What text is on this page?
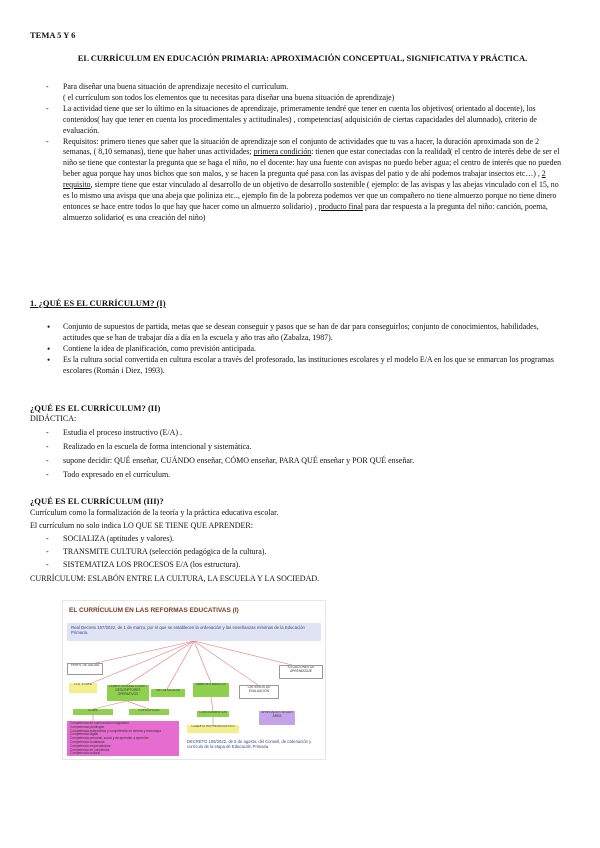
TEMA 5 Y 6
EL CURRÍCULUM EN EDUCACIÓN PRIMARIA: APROXIMACIÓN CONCEPTUAL, SIGNIFICATIVA Y PRÁCTICA.
- Para diseñar una buena situación de aprendizaje necesito el currículum.
( el currículum son todos los elementos que tu necesitas para diseñar una buena situación de aprendizaje)
- La actividad tiene que ser lo último en la situaciones de aprendizaje, primeramente tendré que tener en cuenta los objetivos( orientado al docente), los contenidos( hay que tener en cuenta los procedimentales y actitudinales) , competencias( adquisición de ciertas capacidades del alumnado), criterio de evaluación.
- Requisitos: primero tienes que saber que la situación de aprendizaje son el conjunto de actividades que tu vas a hacer, la duración aproximada son de 2 semanas, ( 8,10 semanas), tiene que haber unas actividades; primera condición: tienen que estar conectadas con la realidad( el centro de interés debe de ser el niño se tiene que contestar la pregunta que se haga el niño, no el docente: hay una fuente con avispas no puedo beber agua; el centro de interés que no pueden beber agua porque hay unos bichos que son malos, y se hacen la pregunta qué pasa con las avispas del patio y de ahí podemos trabajar insectos etc…) , 2 requisito, siempre tiene que estar vinculado al desarrollo de un objetivo de desarrollo sostenible ( ejemplo: de las avispas y las abejas vinculado con el 15, no es lo mismo una avispa que una abeja que poliniza etc.., ejemplo fin de la pobreza podemos ver que un compañero no tiene almuerzo porque no tiene dinero entonces se hace entre todos lo que hay que hacer como un almuerzo solidario) , producto final para dar respuesta a la pregunta del niño: canción, poema, almuerzo solidario( es una creación del niño)
1. ¿QUÉ ES EL CURRÍCULUM? (I)
• Conjunto de supuestos de partida, metas que se desean conseguir y pasos que se han de dar para conseguirlos; conjunto de conocimientos, habilidades, actitudes que se han de trabajar día a día en la escuela y año tras año (Zabalza, 1987).
• Contiene la idea de planificación, como previsión anticipada.
• Es la cultura social convertida en cultura escolar a través del profesorado, las instituciones escolares y el modelo E/A en los que se enmarcan los programas escolares (Román i Diez, 1993).
¿QUÉ ES EL CURRÍCULUM? (II)
DIDÁCTICA:
- Estudia el proceso instructivo (E/A) .
- Realizado en la escuela de forma intencional y sistemática.
- supone decidir: QUÉ enseñar, CUÁNDO enseñar, CÓMO enseñar, PARA QUÉ enseñar y POR QUÉ enseñar.
- Todo expresado en el currículum.
¿QUÉ ES EL CURRÍCULUM (III)?
Currículum como la formalización de la teoría y la práctica educativa escolar.
El currículum no solo indica LO QUE SE TIENE QUE APRENDER:
- SOCIALIZA (aptitudes y valores).
- TRANSMITE CULTURA (selección pedagógica de la cultura).
- SISTEMATIZA LOS PROCESOS E/A (los estructura).
CURRÍCULUM: ESLABÓN ENTRE LA CULTURA, LA ESCUELA Y LA SOCIEDAD.
EL CURRÍCULUM EN LAS REFORMAS EDUCATIVAS (I)
Real Decreto 157/2022, de 1 de marzo, por el que se establecen la ordenación y las enseñanzas mínimas de la Educación Primaria.
PERFIL DE SALIDA
O.G. ETAPA	COMPETENCIAS CLAVE / DESCRIPTORES OPERATIVOS
METODOLOGÍA
SABERES BÁSICOS
CRITERIOS DE EVALUACIÓN
SITUACIONES DE APRENDIZAJE
CLAVE	ESPECÍFICAS	CONOCIMIENTOS	APARTADOS SEGÚN ÁREA
CUADRO REPRESENTATIVO
DECRETO 106/2022, de 5 de agosto, del Consell, de ordenación y currículo de la etapa de Educación Primaria.
Competencia en comunicación lingüística
Competencia plurilingüe
Competencia matemática y competencia en ciencia y tecnología
Competencia digital
Competencia personal, social y de aprender a aprender
Competencia ciudadana
Competencia emprendedora
Competencia en conciencia
Competencia cultural
